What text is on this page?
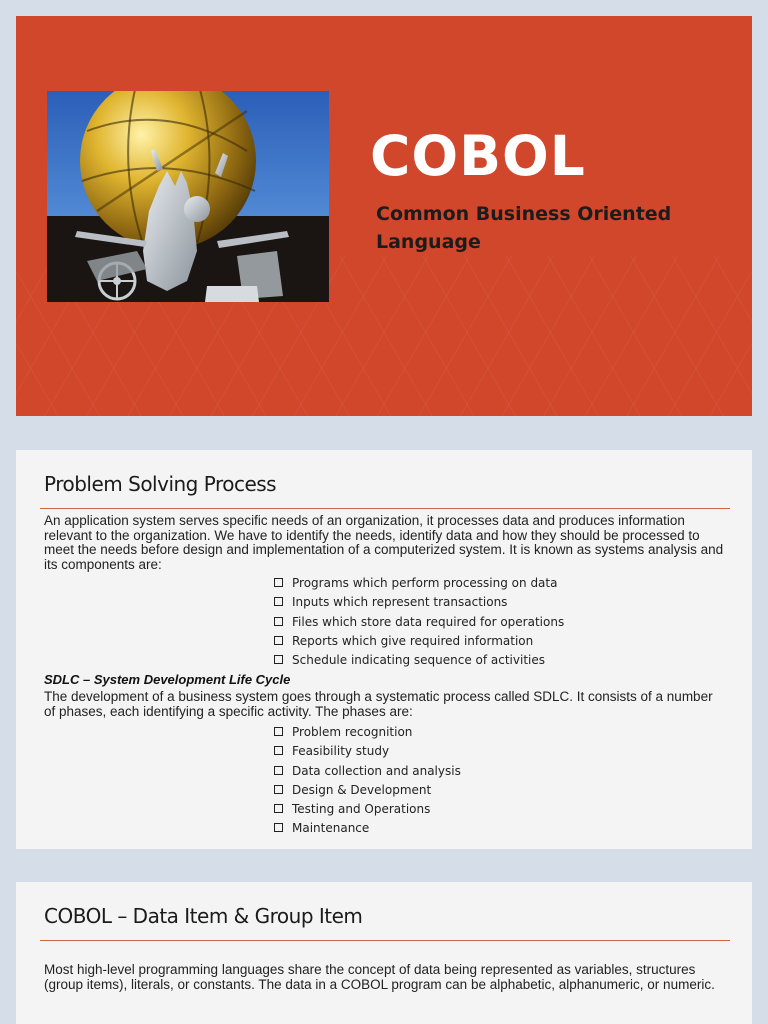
COBOL

Common Business Oriented Language

Problem Solving Process

An application system serves specific needs of an organization, it processes data and produces information relevant to the organization. We have to identify the needs, identify data and how they should be processed to meet the needs before design and implementation of a computerized system. It is known as systems analysis and its components are:

Programs which perform processing on data
Inputs which represent transactions
Files which store data required for operations
Reports which give required information
Schedule indicating sequence of activities

SDLC – System Development Life Cycle

The development of a business system goes through a systematic process called SDLC. It consists of a number of phases, each identifying a specific activity. The phases are:

Problem recognition
Feasibility study
Data collection and analysis
Design & Development
Testing and Operations
Maintenance
COBOL – Data Item & Group Item

Most high-level programming languages share the concept of data being represented as variables, structures (group items), literals, or constants. The data in a COBOL program can be alphabetic, alphanumeric, or numeric.
